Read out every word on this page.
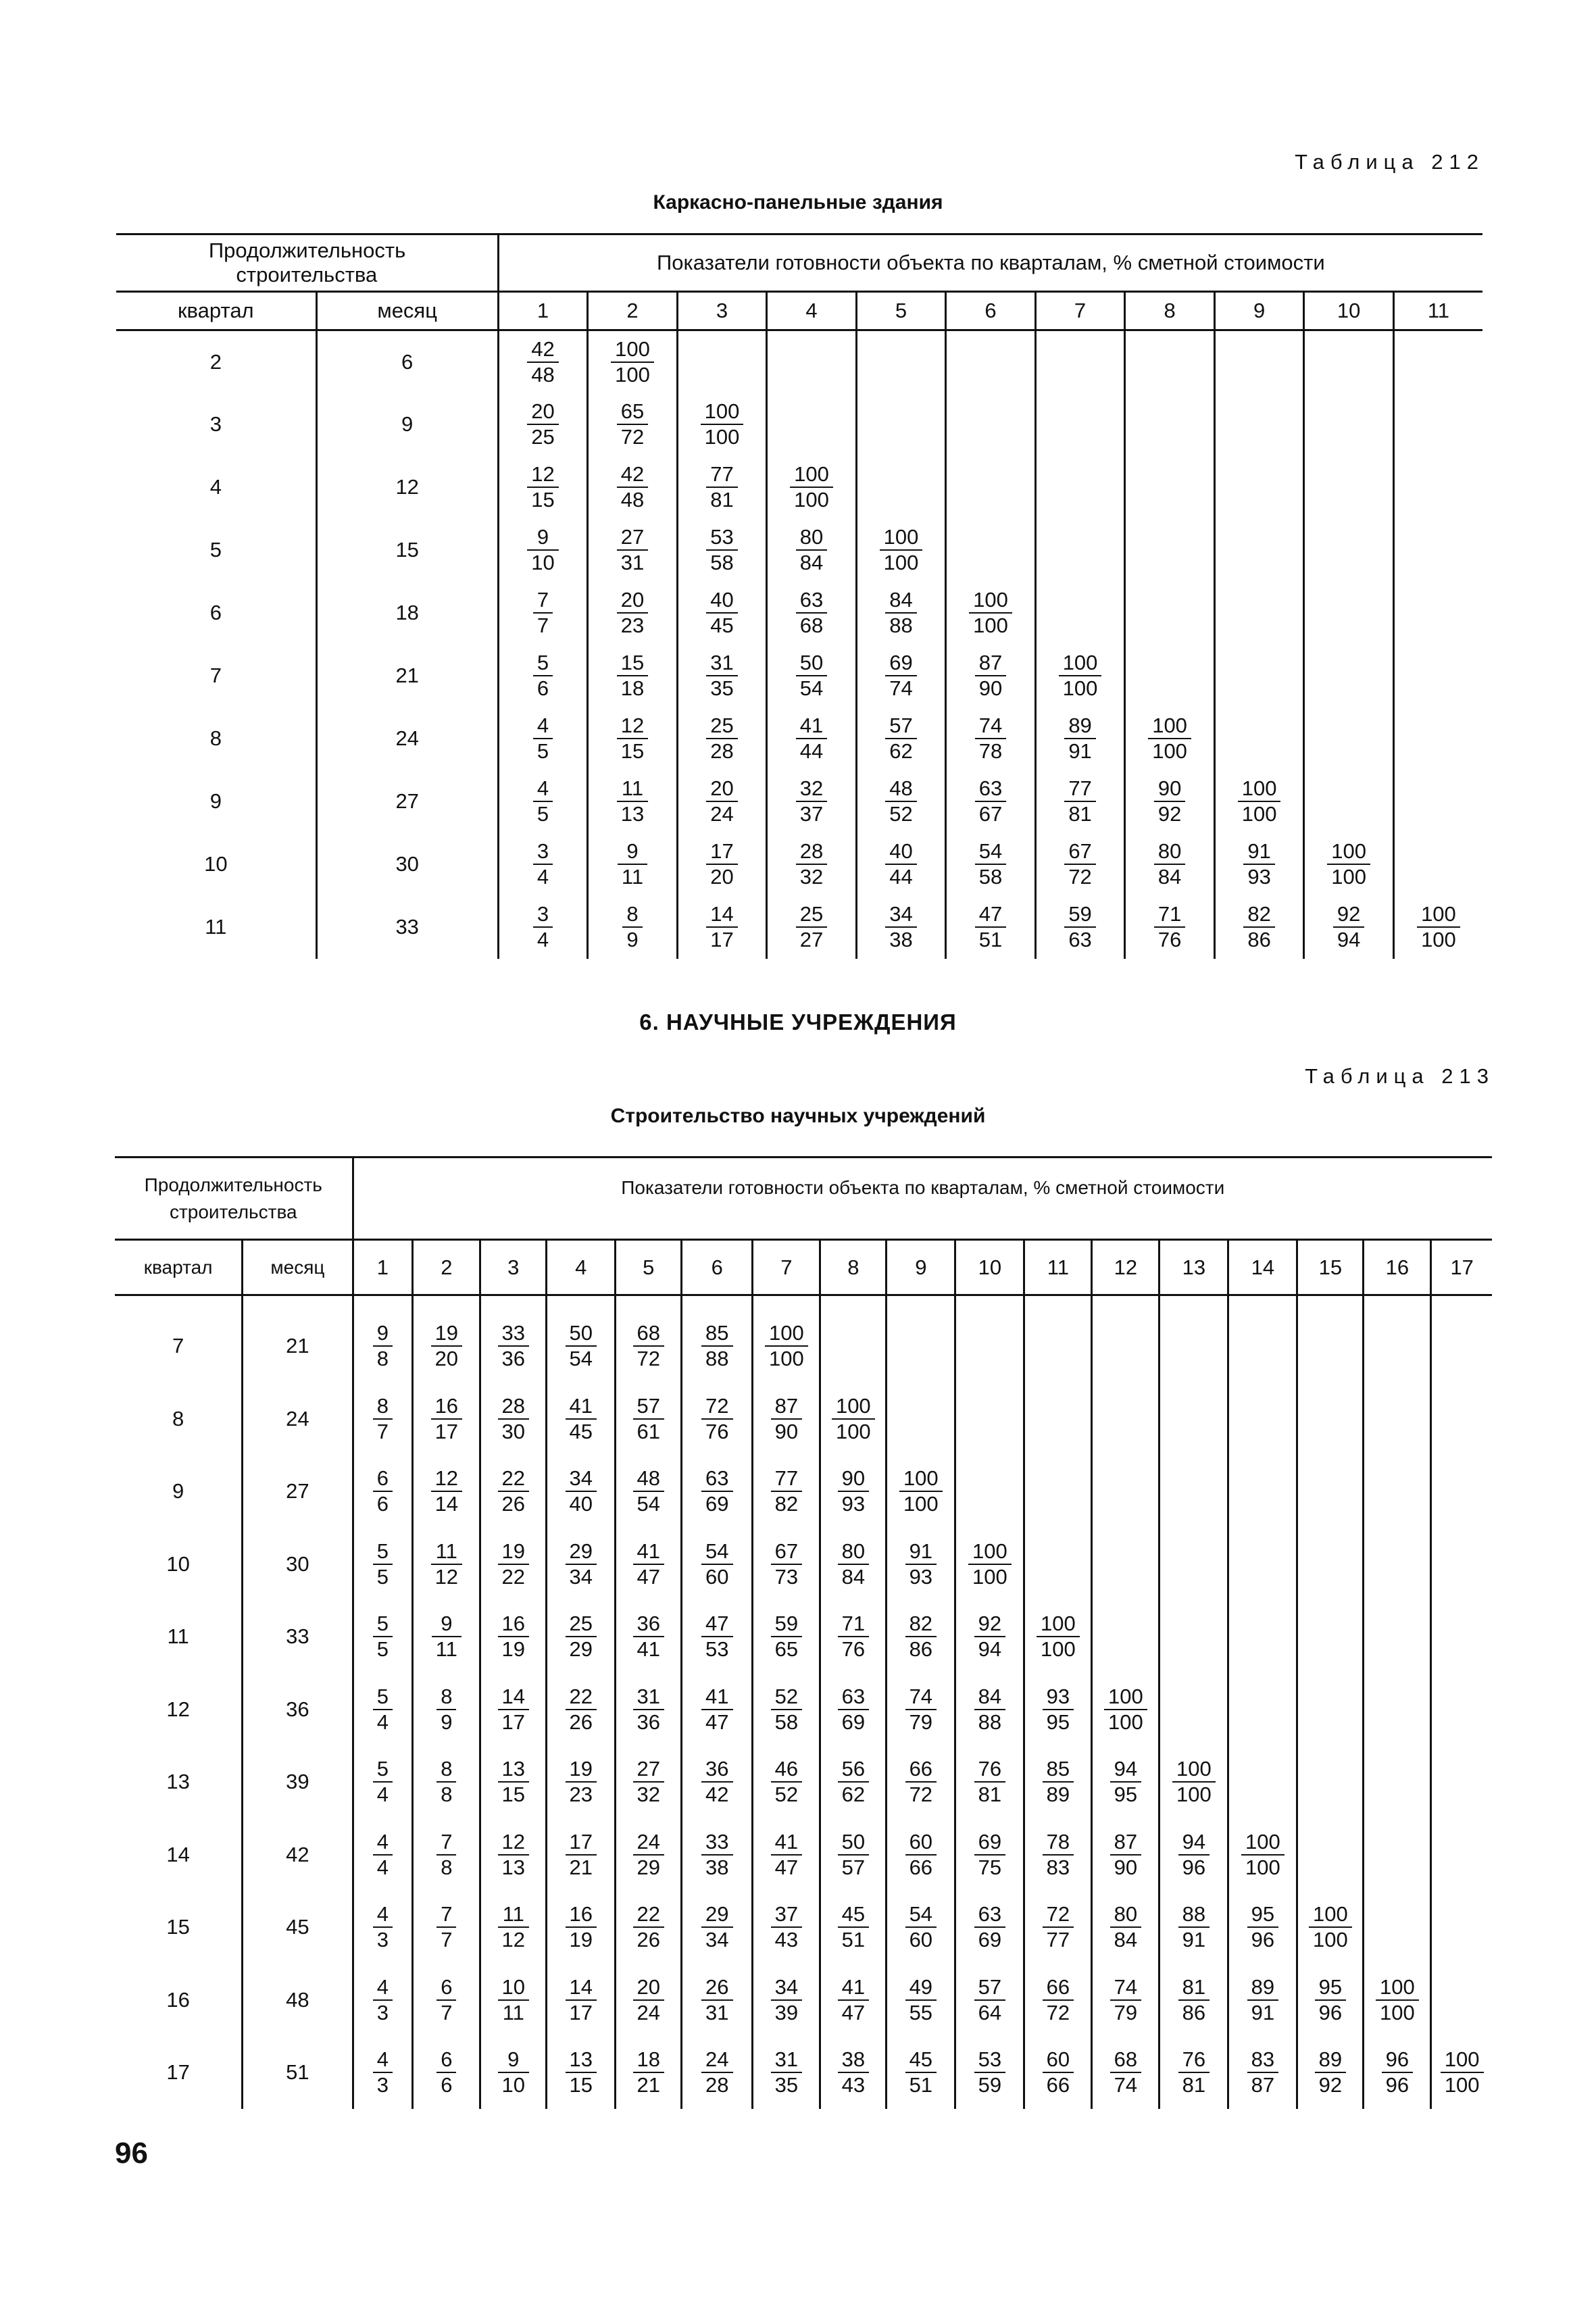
Таблица 212
Каркасно-панельные здания
Продолжительность строительства		Показатели готовности объекта по кварталам, % сметной стоимости										
квартал	месяц	1	2	3	4	5	6	7	8	9	10	11
2	6	$\frac{42}{48}$	$\frac{100}{100}$

3	9	$\frac{20}{25}$	$\frac{65}{72}$	$\frac{100}{100}$

4	12	$\frac{12}{15}$	$\frac{42}{48}$	$\frac{77}{81}$	$\frac{100}{100}$

5	15	$\frac{9}{10}$	$\frac{27}{31}$	$\frac{53}{58}$	$\frac{80}{84}$	$\frac{100}{100}$

6	18	$\frac{7}{7}$	$\frac{20}{23}$	$\frac{40}{45}$	$\frac{63}{68}$	$\frac{84}{88}$	$\frac{100}{100}$

7	21	$\frac{5}{6}$	$\frac{15}{18}$	$\frac{31}{35}$	$\frac{50}{54}$	$\frac{69}{74}$	$\frac{87}{90}$	$\frac{100}{100}$

8	24	$\frac{4}{5}$	$\frac{12}{15}$	$\frac{25}{28}$	$\frac{41}{44}$	$\frac{57}{62}$	$\frac{74}{78}$	$\frac{89}{91}$	$\frac{100}{100}$

9	27	$\frac{4}{5}$	$\frac{11}{13}$	$\frac{20}{24}$	$\frac{32}{37}$	$\frac{48}{52}$	$\frac{63}{67}$	$\frac{77}{81}$	$\frac{90}{92}$	$\frac{100}{100}$

10	30	$\frac{3}{4}$	$\frac{9}{11}$	$\frac{17}{20}$	$\frac{28}{32}$	$\frac{40}{44}$	$\frac{54}{58}$	$\frac{67}{72}$	$\frac{80}{84}$	$\frac{91}{93}$	$\frac{100}{100}$

11	33	$\frac{3}{4}$	$\frac{8}{9}$	$\frac{14}{17}$	$\frac{25}{27}$	$\frac{34}{38}$	$\frac{47}{51}$	$\frac{59}{63}$	$\frac{71}{76}$	$\frac{82}{86}$	$\frac{92}{94}$	$\frac{100}{100}$
6. НАУЧНЫЕ УЧРЕЖДЕНИЯ
Таблица 213
Строительство научных учреждений
Продолжительность строительства		Показатели готовности объекта по кварталам, % сметной стоимости																
квартал	месяц	1	2	3	4	5	6	7	8	9	10	11	12	13	14	15	16	17

7	21	$\frac{9}{8}$	$\frac{19}{20}$	$\frac{33}{36}$	$\frac{50}{54}$	$\frac{68}{72}$	$\frac{85}{88}$	$\frac{100}{100}$

8	24	$\frac{8}{7}$	$\frac{16}{17}$	$\frac{28}{30}$	$\frac{41}{45}$	$\frac{57}{61}$	$\frac{72}{76}$	$\frac{87}{90}$	$\frac{100}{100}$

9	27	$\frac{6}{6}$	$\frac{12}{14}$	$\frac{22}{26}$	$\frac{34}{40}$	$\frac{48}{54}$	$\frac{63}{69}$	$\frac{77}{82}$	$\frac{90}{93}$	$\frac{100}{100}$

10	30	$\frac{5}{5}$	$\frac{11}{12}$	$\frac{19}{22}$	$\frac{29}{34}$	$\frac{41}{47}$	$\frac{54}{60}$	$\frac{67}{73}$	$\frac{80}{84}$	$\frac{91}{93}$	$\frac{100}{100}$

11	33	$\frac{5}{5}$	$\frac{9}{11}$	$\frac{16}{19}$	$\frac{25}{29}$	$\frac{36}{41}$	$\frac{47}{53}$	$\frac{59}{65}$	$\frac{71}{76}$	$\frac{82}{86}$	$\frac{92}{94}$	$\frac{100}{100}$

12	36	$\frac{5}{4}$	$\frac{8}{9}$	$\frac{14}{17}$	$\frac{22}{26}$	$\frac{31}{36}$	$\frac{41}{47}$	$\frac{52}{58}$	$\frac{63}{69}$	$\frac{74}{79}$	$\frac{84}{88}$	$\frac{93}{95}$	$\frac{100}{100}$

13	39	$\frac{5}{4}$	$\frac{8}{8}$	$\frac{13}{15}$	$\frac{19}{23}$	$\frac{27}{32}$	$\frac{36}{42}$	$\frac{46}{52}$	$\frac{56}{62}$	$\frac{66}{72}$	$\frac{76}{81}$	$\frac{85}{89}$	$\frac{94}{95}$	$\frac{100}{100}$

14	42	$\frac{4}{4}$	$\frac{7}{8}$	$\frac{12}{13}$	$\frac{17}{21}$	$\frac{24}{29}$	$\frac{33}{38}$	$\frac{41}{47}$	$\frac{50}{57}$	$\frac{60}{66}$	$\frac{69}{75}$	$\frac{78}{83}$	$\frac{87}{90}$	$\frac{94}{96}$	$\frac{100}{100}$

15	45	$\frac{4}{3}$	$\frac{7}{7}$	$\frac{11}{12}$	$\frac{16}{19}$	$\frac{22}{26}$	$\frac{29}{34}$	$\frac{37}{43}$	$\frac{45}{51}$	$\frac{54}{60}$	$\frac{63}{69}$	$\frac{72}{77}$	$\frac{80}{84}$	$\frac{88}{91}$	$\frac{95}{96}$	$\frac{100}{100}$

16	48	$\frac{4}{3}$	$\frac{6}{7}$	$\frac{10}{11}$	$\frac{14}{17}$	$\frac{20}{24}$	$\frac{26}{31}$	$\frac{34}{39}$	$\frac{41}{47}$	$\frac{49}{55}$	$\frac{57}{64}$	$\frac{66}{72}$	$\frac{74}{79}$	$\frac{81}{86}$	$\frac{89}{91}$	$\frac{95}{96}$	$\frac{100}{100}$

17	51	$\frac{4}{3}$	$\frac{6}{6}$	$\frac{9}{10}$	$\frac{13}{15}$	$\frac{18}{21}$	$\frac{24}{28}$	$\frac{31}{35}$	$\frac{38}{43}$	$\frac{45}{51}$	$\frac{53}{59}$	$\frac{60}{66}$	$\frac{68}{74}$	$\frac{76}{81}$	$\frac{83}{87}$	$\frac{89}{92}$	$\frac{96}{96}$	$\frac{100}{100}$
96
